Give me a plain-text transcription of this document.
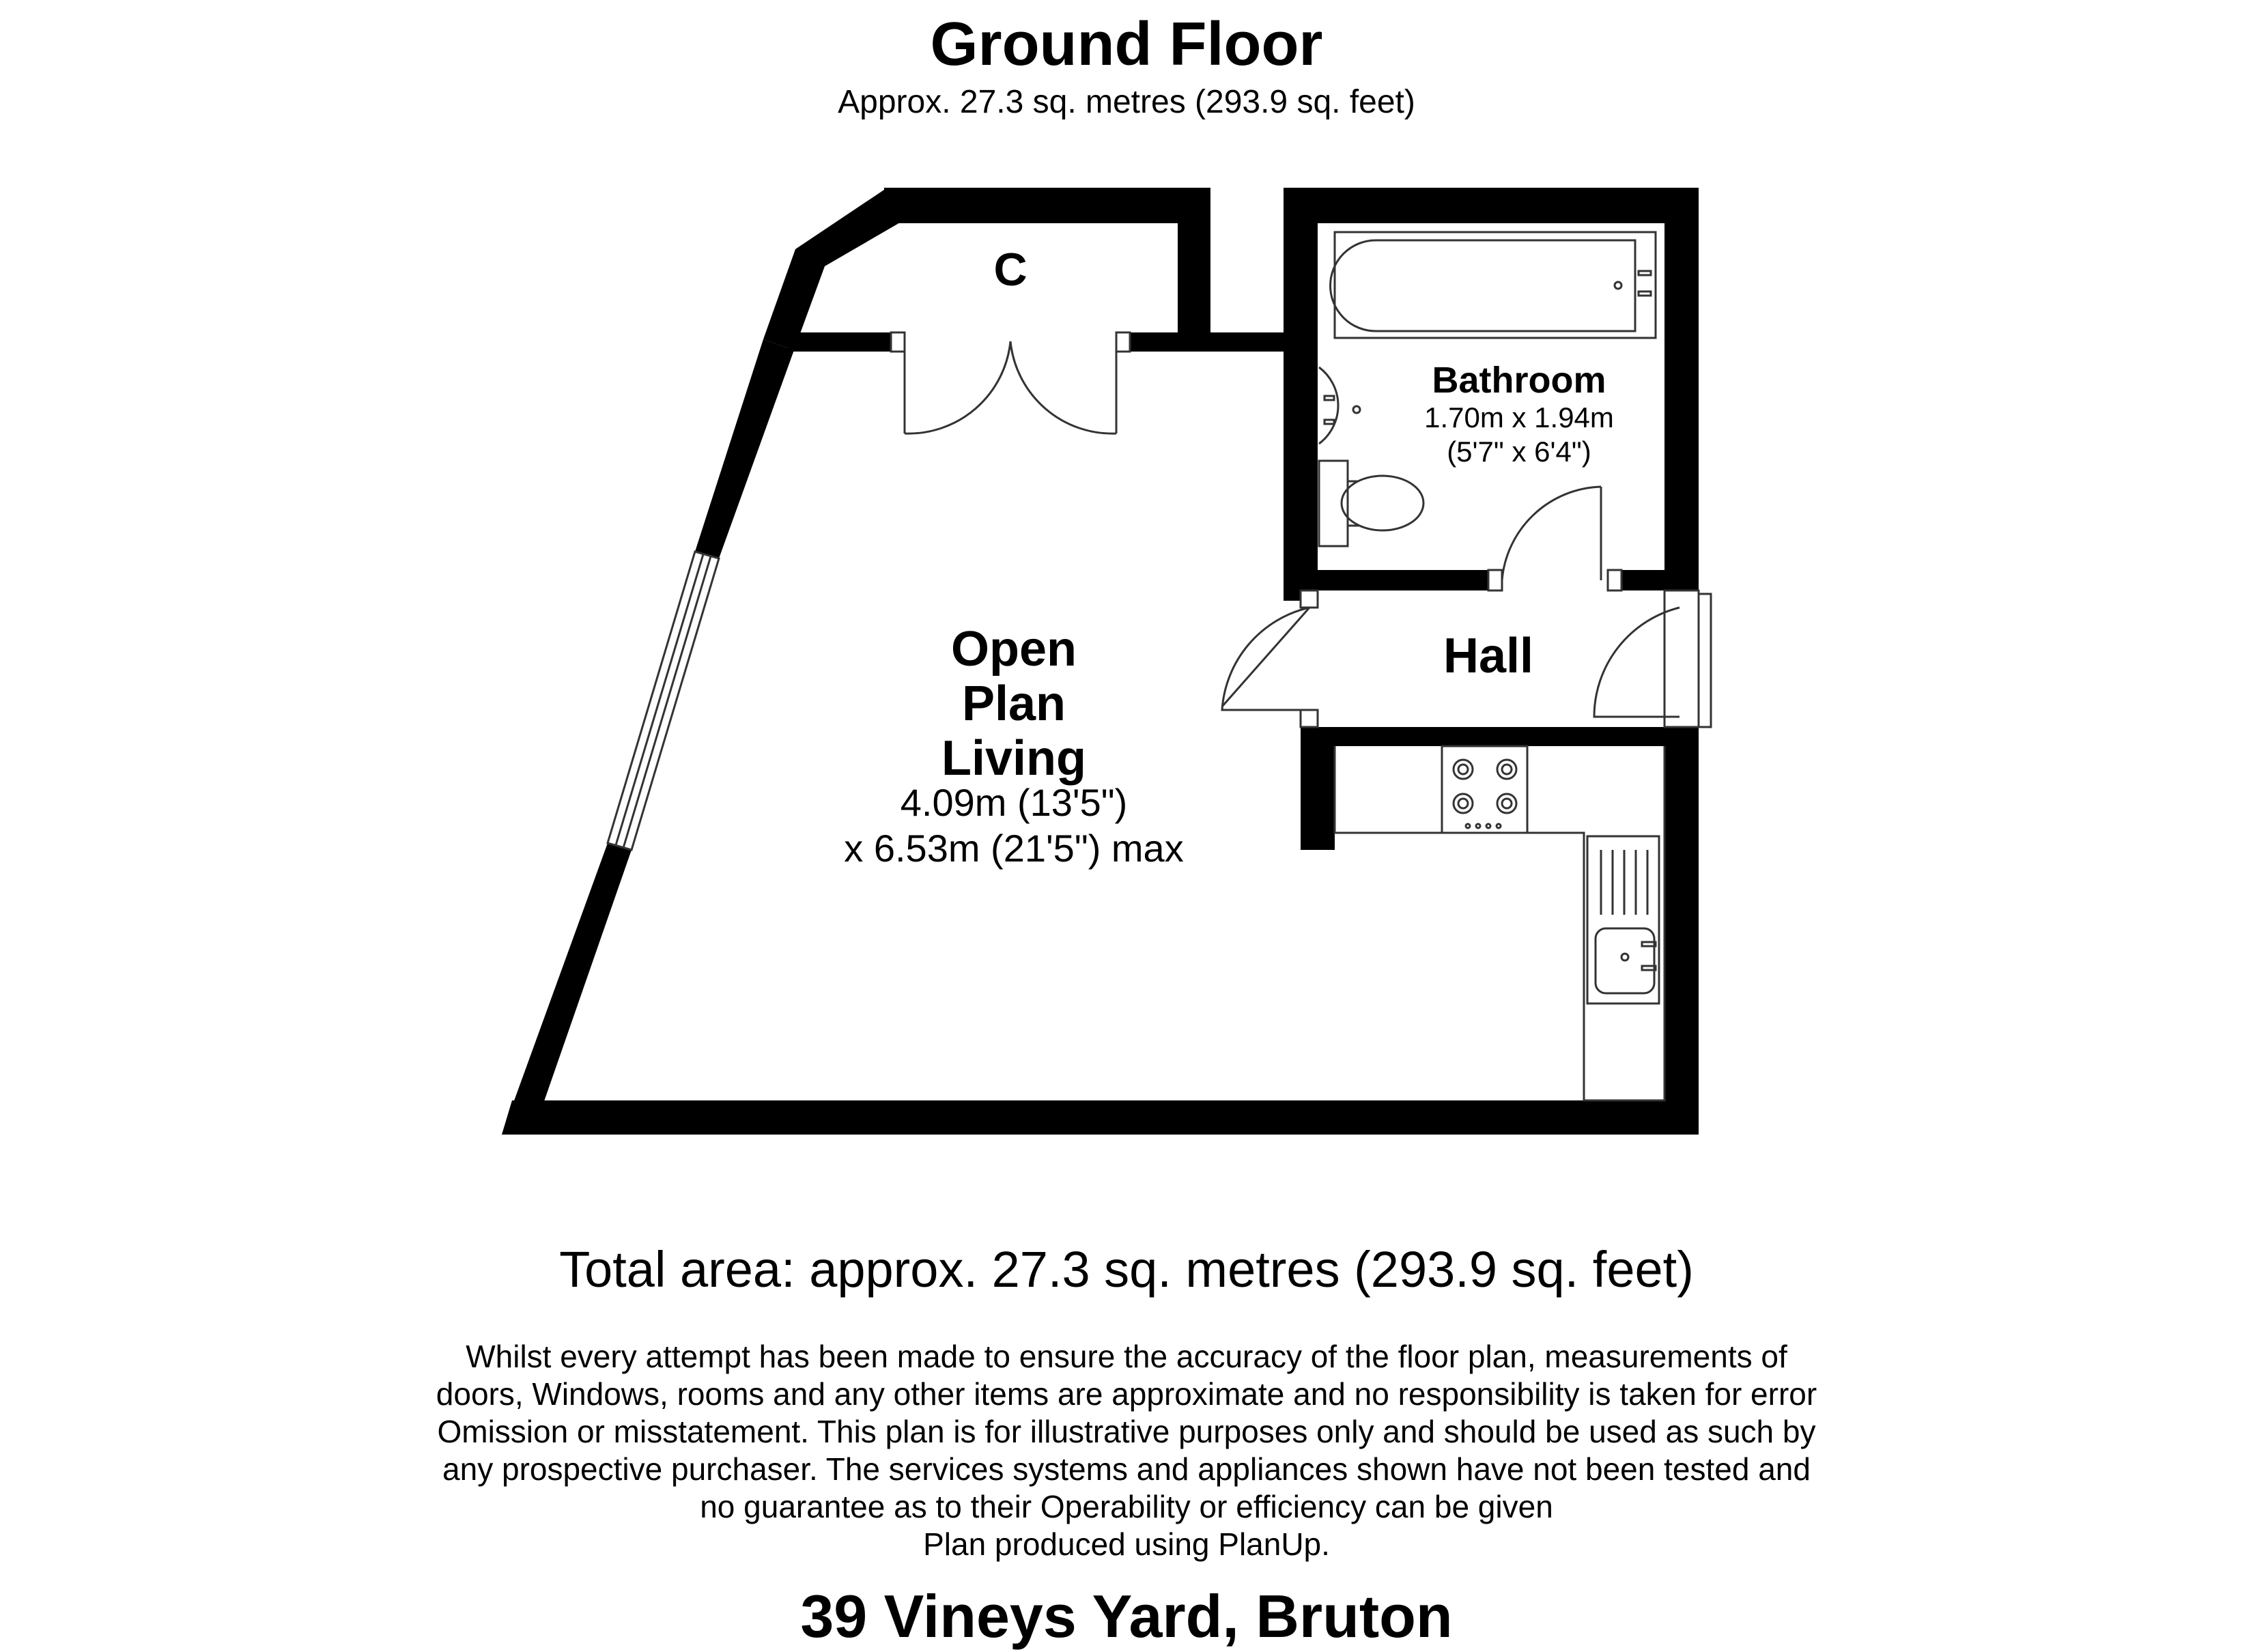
Ground Floor
Approx. 27.3 sq. metres (293.9 sq. feet)
C
Bathroom
1.70m x 1.94m
(5'7" x 6'4")
Hall
Open
Plan
Living
4.09m (13'5")
x 6.53m (21'5") max
Total area: approx. 27.3 sq. metres (293.9 sq. feet)
Whilst every attempt has been made to ensure the accuracy of the floor plan, measurements of
doors, Windows, rooms and any other items are approximate and no responsibility is taken for error
Omission or misstatement. This plan is for illustrative purposes only and should be used as such by
any prospective purchaser. The services systems and appliances shown have not been tested and
no guarantee as to their Operability or efficiency can be given
Plan produced using PlanUp.
39 Vineys Yard, Bruton
